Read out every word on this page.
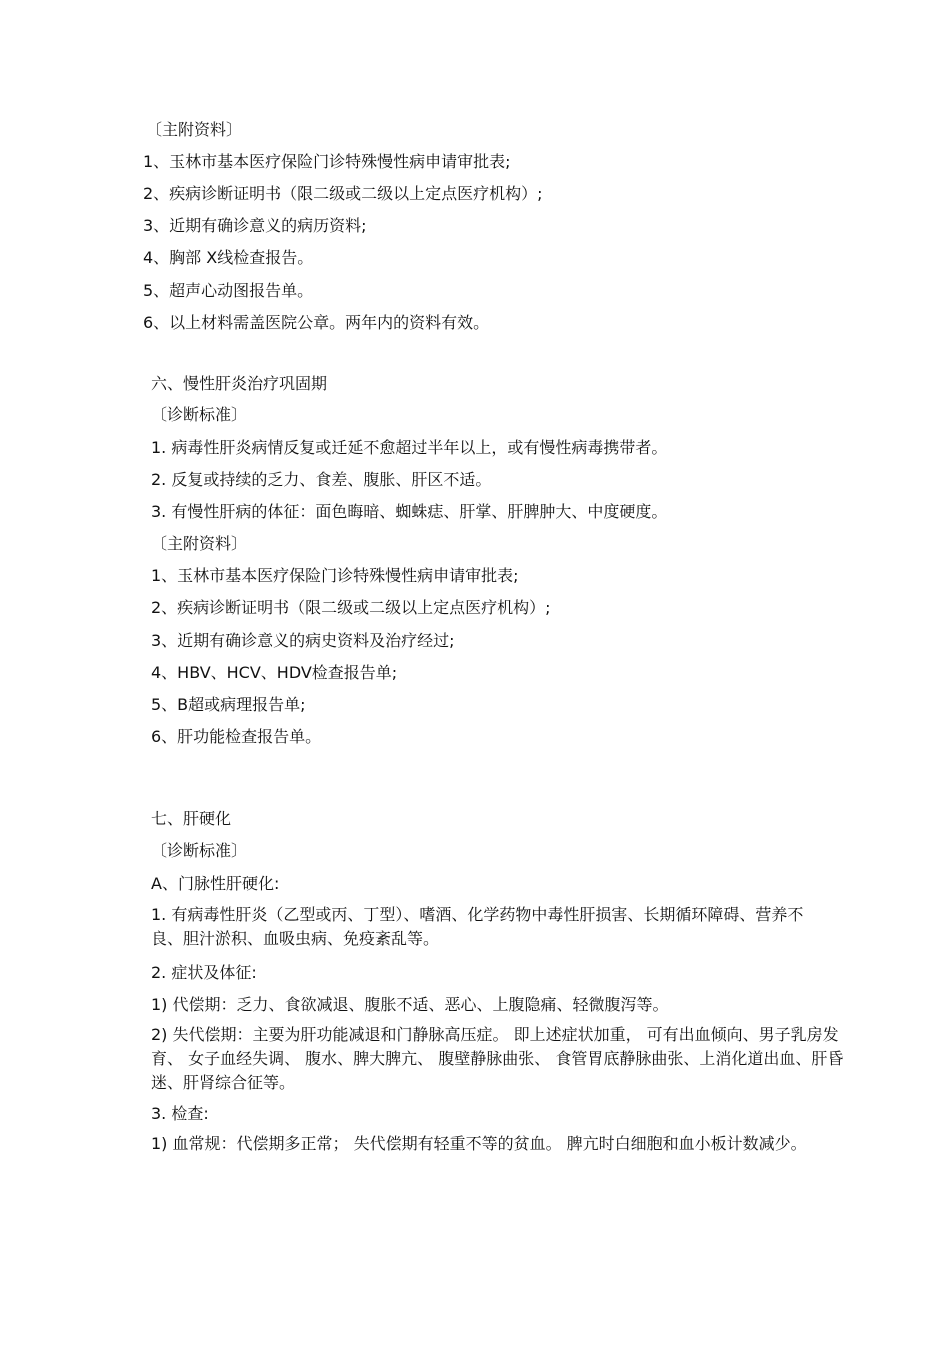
〔主附资料〕
1、玉林市基本医疗保险门诊特殊慢性病申请审批表;
2、疾病诊断证明书（限二级或二级以上定点医疗机构）;
3、近期有确诊意义的病历资料;
4、胸部 X线检查报告。
5、超声心动图报告单。
6、以上材料需盖医院公章。两年内的资料有效。
六、慢性肝炎治疗巩固期
〔诊断标准〕
1. 病毒性肝炎病情反复或迁延不愈超过半年以上，或有慢性病毒携带者。
2. 反复或持续的乏力、食差、腹胀、肝区不适。
3. 有慢性肝病的体征：面色晦暗、蜘蛛痣、肝掌、肝脾肿大、中度硬度。
〔主附资料〕
1、玉林市基本医疗保险门诊特殊慢性病申请审批表;
2、疾病诊断证明书（限二级或二级以上定点医疗机构）;
3、近期有确诊意义的病史资料及治疗经过;
4、HBV、HCV、HDV检查报告单;
5、B超或病理报告单;
6、肝功能检查报告单。
七、肝硬化
〔诊断标准〕
A、门脉性肝硬化:
1. 有病毒性肝炎（乙型或丙、丁型）、嗜酒、化学药物中毒性肝损害、长期循环障碍、营养不良、胆汁淤积、血吸虫病、免疫紊乱等。
2. 症状及体征:
1) 代偿期：乏力、食欲减退、腹胀不适、恶心、上腹隐痛、轻微腹泻等。
2) 失代偿期：主要为肝功能减退和门静脉高压症。 即上述症状加重， 可有出血倾向、男子乳房发育、 女子血经失调、 腹水、脾大脾亢、 腹壁静脉曲张、 食管胃底静脉曲张、上消化道出血、肝昏迷、肝肾综合征等。
3. 检查:
1) 血常规：代偿期多正常； 失代偿期有轻重不等的贫血。 脾亢时白细胞和血小板计数减少。
